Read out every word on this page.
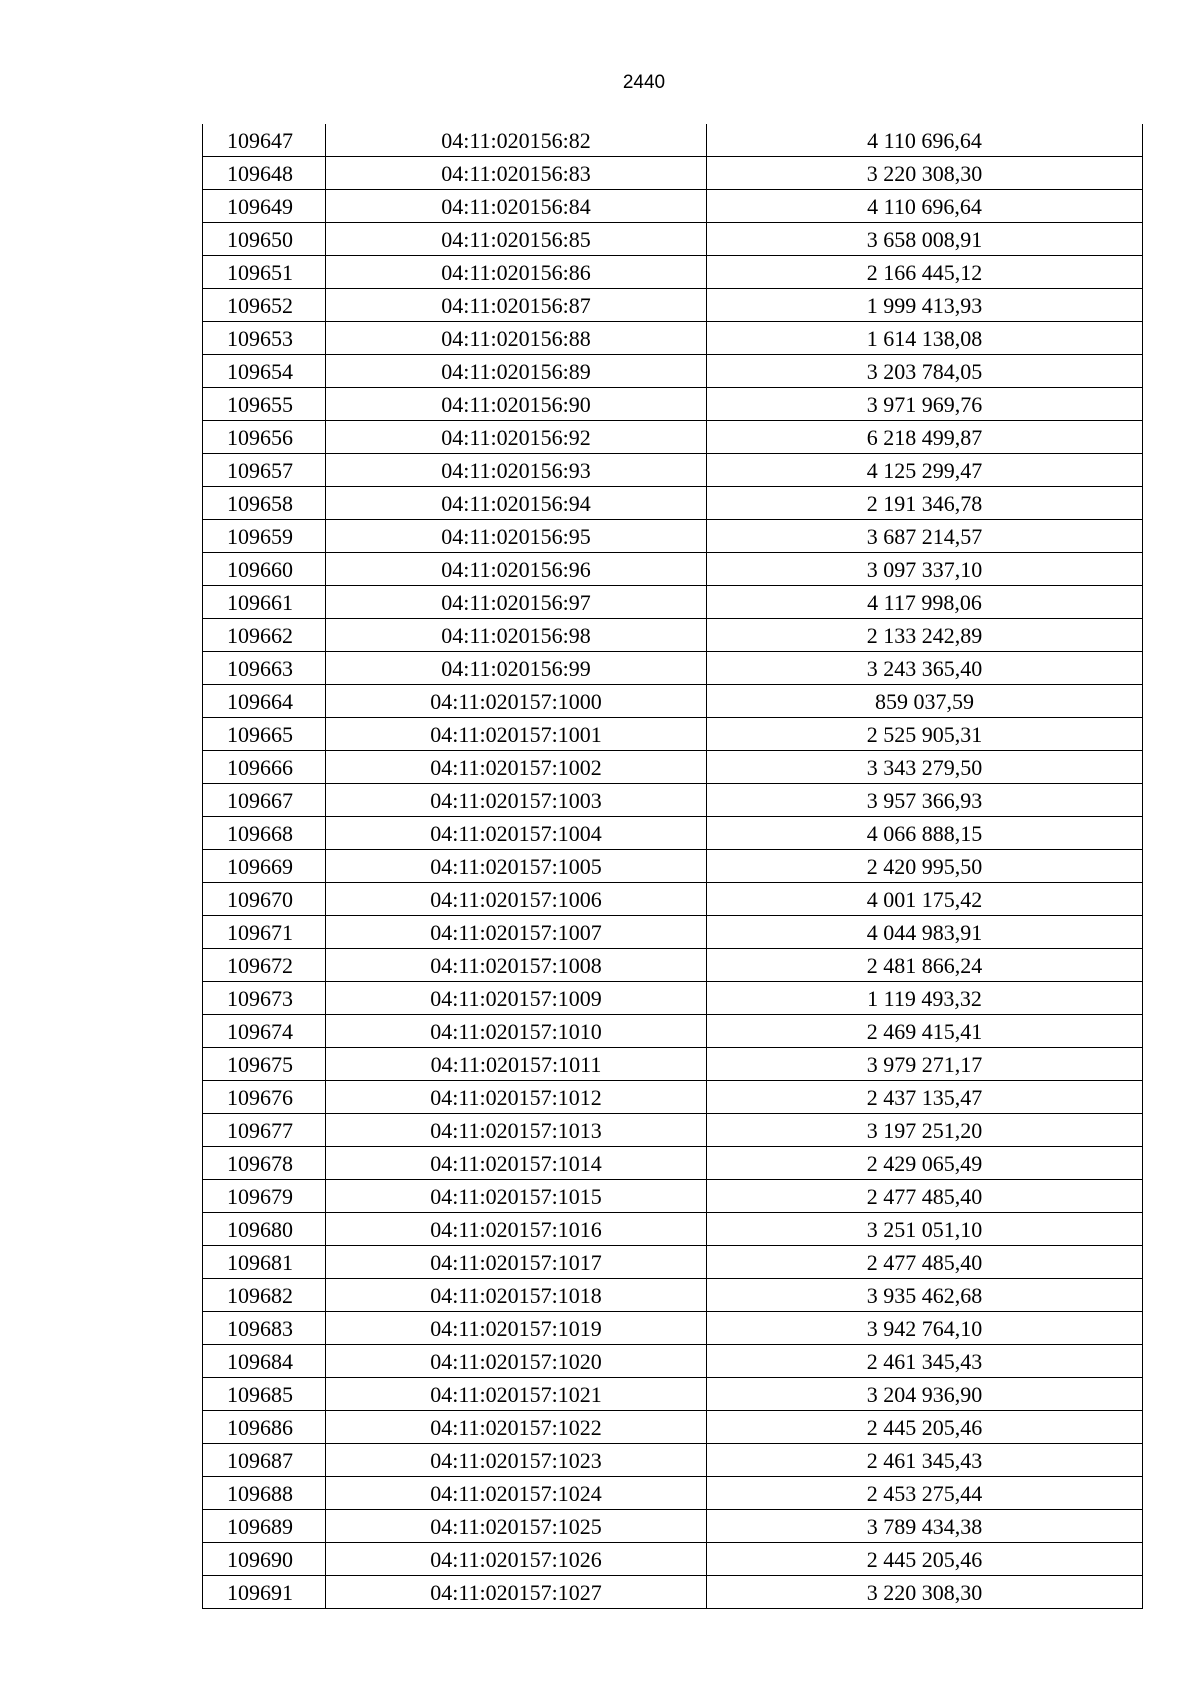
2440
109647	04:11:020156:82	4 110 696,64
109648	04:11:020156:83	3 220 308,30
109649	04:11:020156:84	4 110 696,64
109650	04:11:020156:85	3 658 008,91
109651	04:11:020156:86	2 166 445,12
109652	04:11:020156:87	1 999 413,93
109653	04:11:020156:88	1 614 138,08
109654	04:11:020156:89	3 203 784,05
109655	04:11:020156:90	3 971 969,76
109656	04:11:020156:92	6 218 499,87
109657	04:11:020156:93	4 125 299,47
109658	04:11:020156:94	2 191 346,78
109659	04:11:020156:95	3 687 214,57
109660	04:11:020156:96	3 097 337,10
109661	04:11:020156:97	4 117 998,06
109662	04:11:020156:98	2 133 242,89
109663	04:11:020156:99	3 243 365,40
109664	04:11:020157:1000	859 037,59
109665	04:11:020157:1001	2 525 905,31
109666	04:11:020157:1002	3 343 279,50
109667	04:11:020157:1003	3 957 366,93
109668	04:11:020157:1004	4 066 888,15
109669	04:11:020157:1005	2 420 995,50
109670	04:11:020157:1006	4 001 175,42
109671	04:11:020157:1007	4 044 983,91
109672	04:11:020157:1008	2 481 866,24
109673	04:11:020157:1009	1 119 493,32
109674	04:11:020157:1010	2 469 415,41
109675	04:11:020157:1011	3 979 271,17
109676	04:11:020157:1012	2 437 135,47
109677	04:11:020157:1013	3 197 251,20
109678	04:11:020157:1014	2 429 065,49
109679	04:11:020157:1015	2 477 485,40
109680	04:11:020157:1016	3 251 051,10
109681	04:11:020157:1017	2 477 485,40
109682	04:11:020157:1018	3 935 462,68
109683	04:11:020157:1019	3 942 764,10
109684	04:11:020157:1020	2 461 345,43
109685	04:11:020157:1021	3 204 936,90
109686	04:11:020157:1022	2 445 205,46
109687	04:11:020157:1023	2 461 345,43
109688	04:11:020157:1024	2 453 275,44
109689	04:11:020157:1025	3 789 434,38
109690	04:11:020157:1026	2 445 205,46
109691	04:11:020157:1027	3 220 308,30
